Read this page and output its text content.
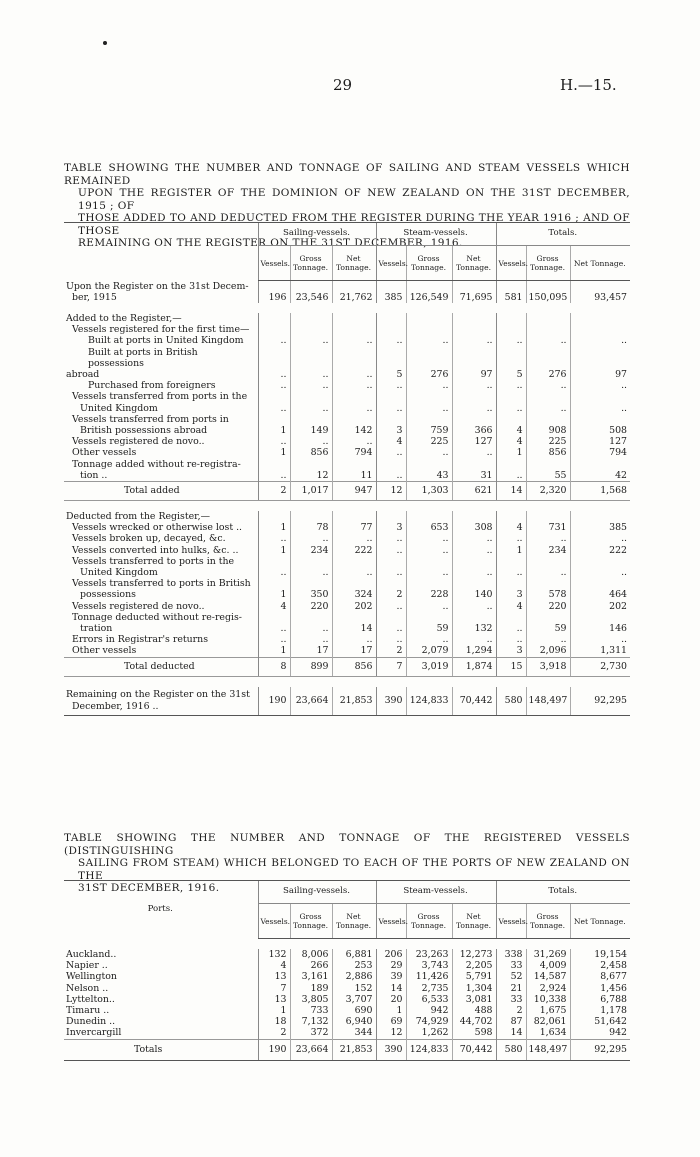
29	H.—15.
TABLE SHOWING THE NUMBER AND TONNAGE OF SAILING AND STEAM VESSELS WHICH REMAINED
UPON THE REGISTER OF THE DOMINION OF NEW ZEALAND ON THE 31ST DECEMBER, 1915 ; OF
THOSE ADDED TO AND DEDUCTED FROM THE REGISTER DURING THE YEAR 1916 ; AND OF THOSE
REMAINING ON THE REGISTER ON THE 31ST DECEMBER, 1916.
	Sailing-vessels.			Steam-vessels.			Totals.		
	Vessels.	Gross Tonnage.	Net Tonnage.	Vessels.	Gross Tonnage.	Net Tonnage.	Vessels.	Gross Tonnage.	Net Tonnage.
Upon the Register on the 31st Decem-

ber, 1915	196	23,546	21,762	385	126,549	71,695	581	150,095	93,457

Added to the Register,—

Vessels registered for the first time—									

Built at ports in United Kingdom	..	..	..	..	..	..	..	..	..

Built at ports in British possessions
abroad	..	..	..	5	276	97	5	276	97

Purchased from foreigners	..	..	..	..	..	..	..	..	..

Vessels transferred from ports in the
United Kingdom	..	..	..	..	..	..	..	..	..

Vessels transferred from ports in
British possessions abroad	1	149	142	3	759	366	4	908	508

Vessels registered de novo..	..	..	..	4	225	127	4	225	127

Other vessels	1	856	794	..	..	..	1	856	794

Tonnage added without re-registra-
tion ..	..	12	11	..	43	31	..	55	42
Total added	2	1,017	947	12	1,303	621	14	2,320	1,568

Deducted from the Register,—

Vessels wrecked or otherwise lost ..	1	78	77	3	653	308	4	731	385

Vessels broken up, decayed, &c.	..	..	..	..	..	..	..	..	..

Vessels converted into hulks, &c. ..	1	234	222	..	..	..	1	234	222

Vessels transferred to ports in the
United Kingdom	..	..	..	..	..	..	..	..	..

Vessels transferred to ports in British
possessions	1	350	324	2	228	140	3	578	464

Vessels registered de novo..	4	220	202	..	..	..	4	220	202

Tonnage deducted without re-regis-
tration	..	..	14	..	59	132	..	59	146

Errors in Registrar's returns	..	..	..	..	..	..	..	..	..

Other vessels	1	17	17	2	2,079	1,294	3	2,096	1,311
Total deducted	8	899	856	7	3,019	1,874	15	3,918	2,730

Remaining on the Register on the 31st

December, 1916 ..	190	23,664	21,853	390	124,833	70,442	580	148,497	92,295
TABLE SHOWING THE NUMBER AND TONNAGE OF THE REGISTERED VESSELS (DISTINGUISHING
SAILING FROM STEAM) WHICH BELONGED TO EACH OF THE PORTS OF NEW ZEALAND ON THE
31ST DECEMBER, 1916.
Ports.	Sailing-vessels.			Steam-vessels.			Totals.		
	Vessels.	Gross Tonnage.	Net Tonnage.	Vessels.	Gross Tonnage.	Net Tonnage.	Vessels.	Gross Tonnage.	Net Tonnage.

Auckland..	132	8,006	6,881	206	23,263	12,273	338	31,269	19,154
Napier ..	4	266	253	29	3,743	2,205	33	4,009	2,458
Wellington	13	3,161	2,886	39	11,426	5,791	52	14,587	8,677
Nelson ..	7	189	152	14	2,735	1,304	21	2,924	1,456
Lyttelton..	13	3,805	3,707	20	6,533	3,081	33	10,338	6,788
Timaru ..	1	733	690	1	942	488	2	1,675	1,178
Dunedin ..	18	7,132	6,940	69	74,929	44,702	87	82,061	51,642
Invercargill	2	372	344	12	1,262	598	14	1,634	942
Totals	190	23,664	21,853	390	124,833	70,442	580	148,497	92,295
